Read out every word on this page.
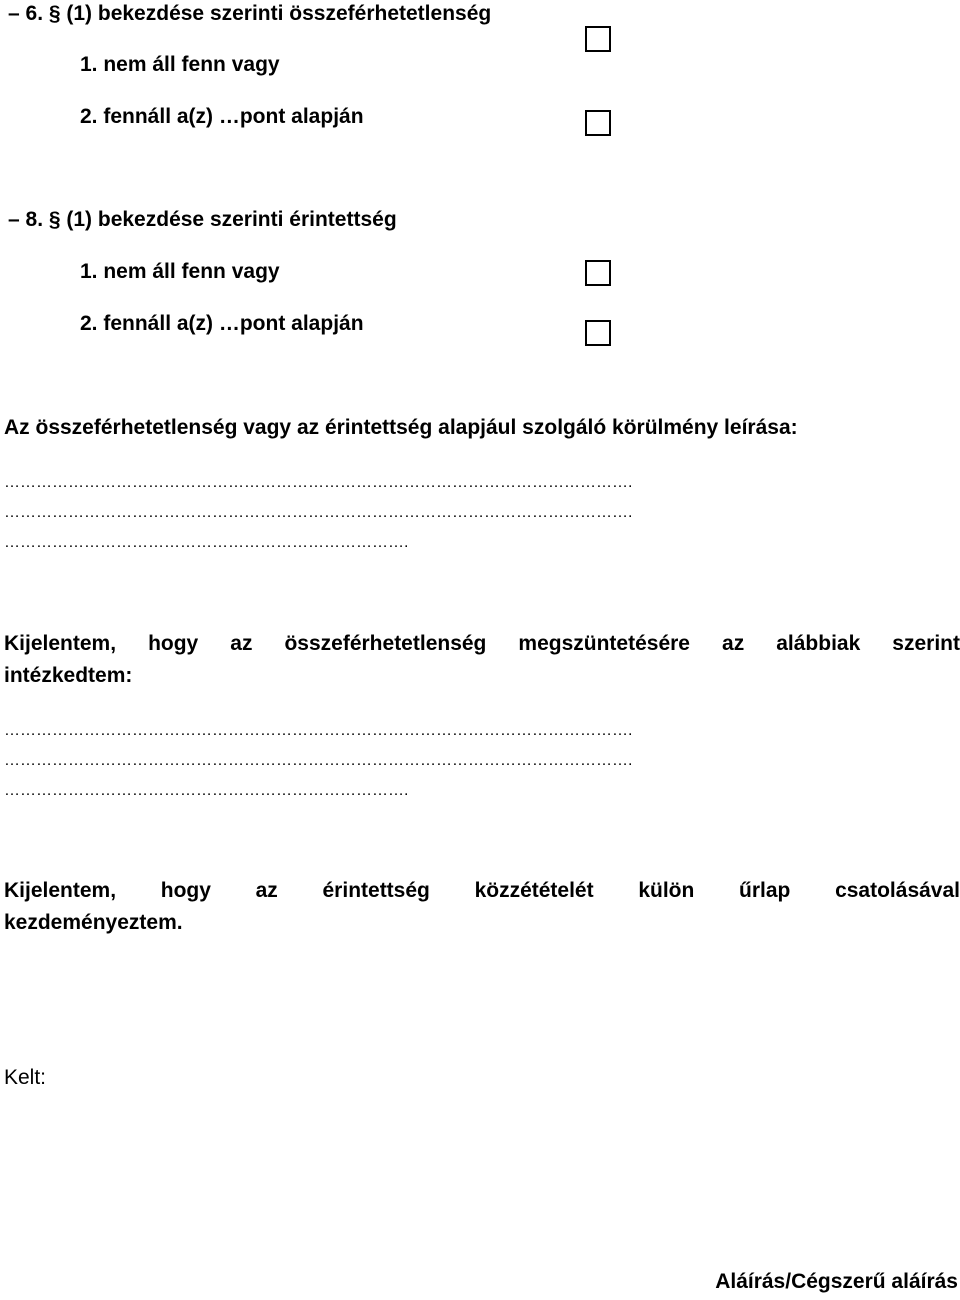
– 6. § (1) bekezdése szerinti összeférhetetlenség
1. nem áll fenn vagy
2. fennáll a(z) …pont alapján
– 8. § (1) bekezdése szerinti érintettség
1. nem áll fenn vagy
2. fennáll a(z) …pont alapján
Az összeférhetetlenség vagy az érintettség alapjául szolgáló körülmény leírása:
……………………………………………………………………………………………………….
……………………………………………………………………………………………………….
………………………………………………………………….
Kijelentem, hogy az összeférhetetlenség megszüntetésére az alábbiak szerint
intézkedtem:
……………………………………………………………………………………………………….
……………………………………………………………………………………………………….
………………………………………………………………….
Kijelentem, hogy az érintettség közzétételét külön űrlap csatolásával
kezdeményeztem.
Kelt:
Aláírás/Cégszerű aláírás
